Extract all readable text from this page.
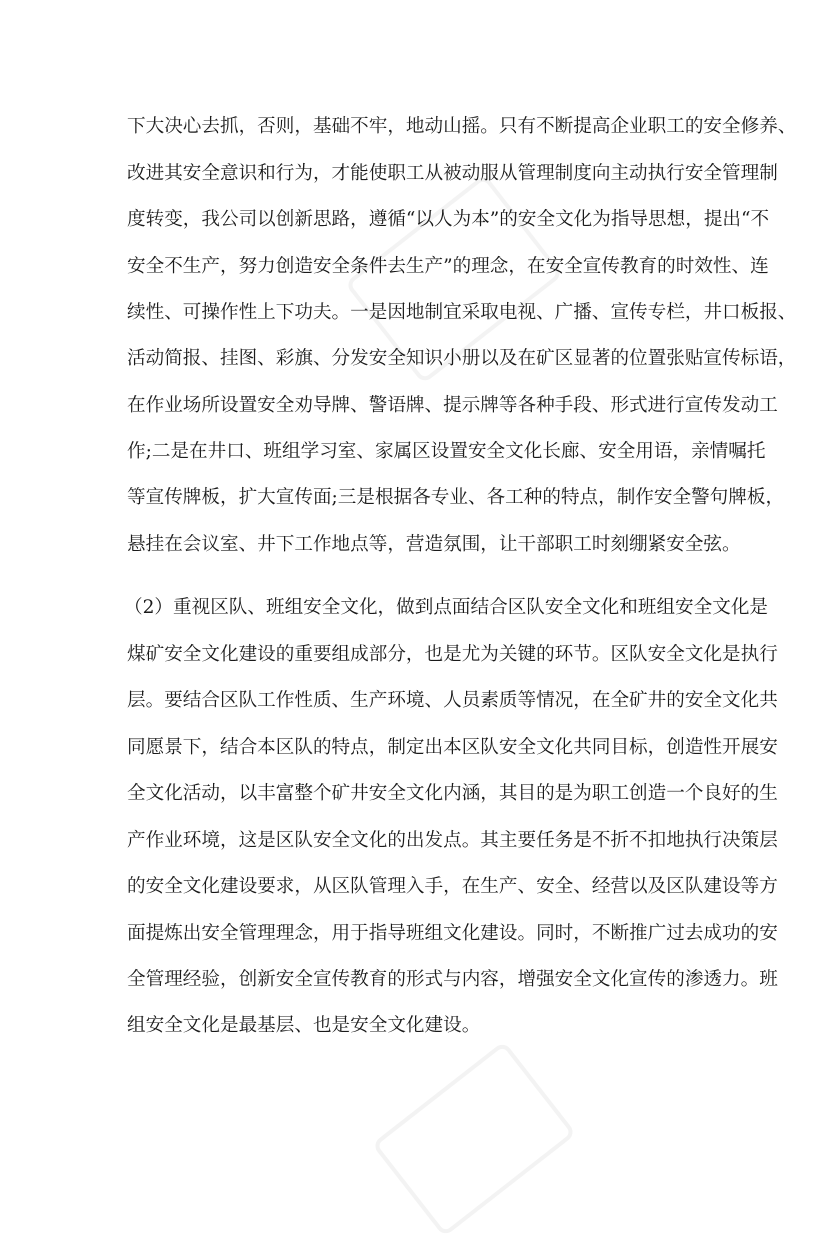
下大决心去抓，否则，基础不牢，地动山摇。只有不断提高企业职工的安全修养、
改进其安全意识和行为，才能使职工从被动服从管理制度向主动执行安全管理制
度转变，我公司以创新思路，遵循“以人为本”的安全文化为指导思想，提出“不
安全不生产，努力创造安全条件去生产”的理念，在安全宣传教育的时效性、连
续性、可操作性上下功夫。一是因地制宜采取电视、广播、宣传专栏，井口板报、
活动简报、挂图、彩旗、分发安全知识小册以及在矿区显著的位置张贴宣传标语，
在作业场所设置安全劝导牌、警语牌、提示牌等各种手段、形式进行宣传发动工
作;二是在井口、班组学习室、家属区设置安全文化长廊、安全用语，亲情嘱托
等宣传牌板，扩大宣传面;三是根据各专业、各工种的特点，制作安全警句牌板，
悬挂在会议室、井下工作地点等，营造氛围，让干部职工时刻绷紧安全弦。
（2）重视区队、班组安全文化，做到点面结合区队安全文化和班组安全文化是
煤矿安全文化建设的重要组成部分，也是尤为关键的环节。区队安全文化是执行
层。要结合区队工作性质、生产环境、人员素质等情况，在全矿井的安全文化共
同愿景下，结合本区队的特点，制定出本区队安全文化共同目标，创造性开展安
全文化活动，以丰富整个矿井安全文化内涵，其目的是为职工创造一个良好的生
产作业环境，这是区队安全文化的出发点。其主要任务是不折不扣地执行决策层
的安全文化建设要求，从区队管理入手，在生产、安全、经营以及区队建设等方
面提炼出安全管理理念，用于指导班组文化建设。同时，不断推广过去成功的安
全管理经验，创新安全宣传教育的形式与内容，增强安全文化宣传的渗透力。班
组安全文化是最基层、也是安全文化建设。
